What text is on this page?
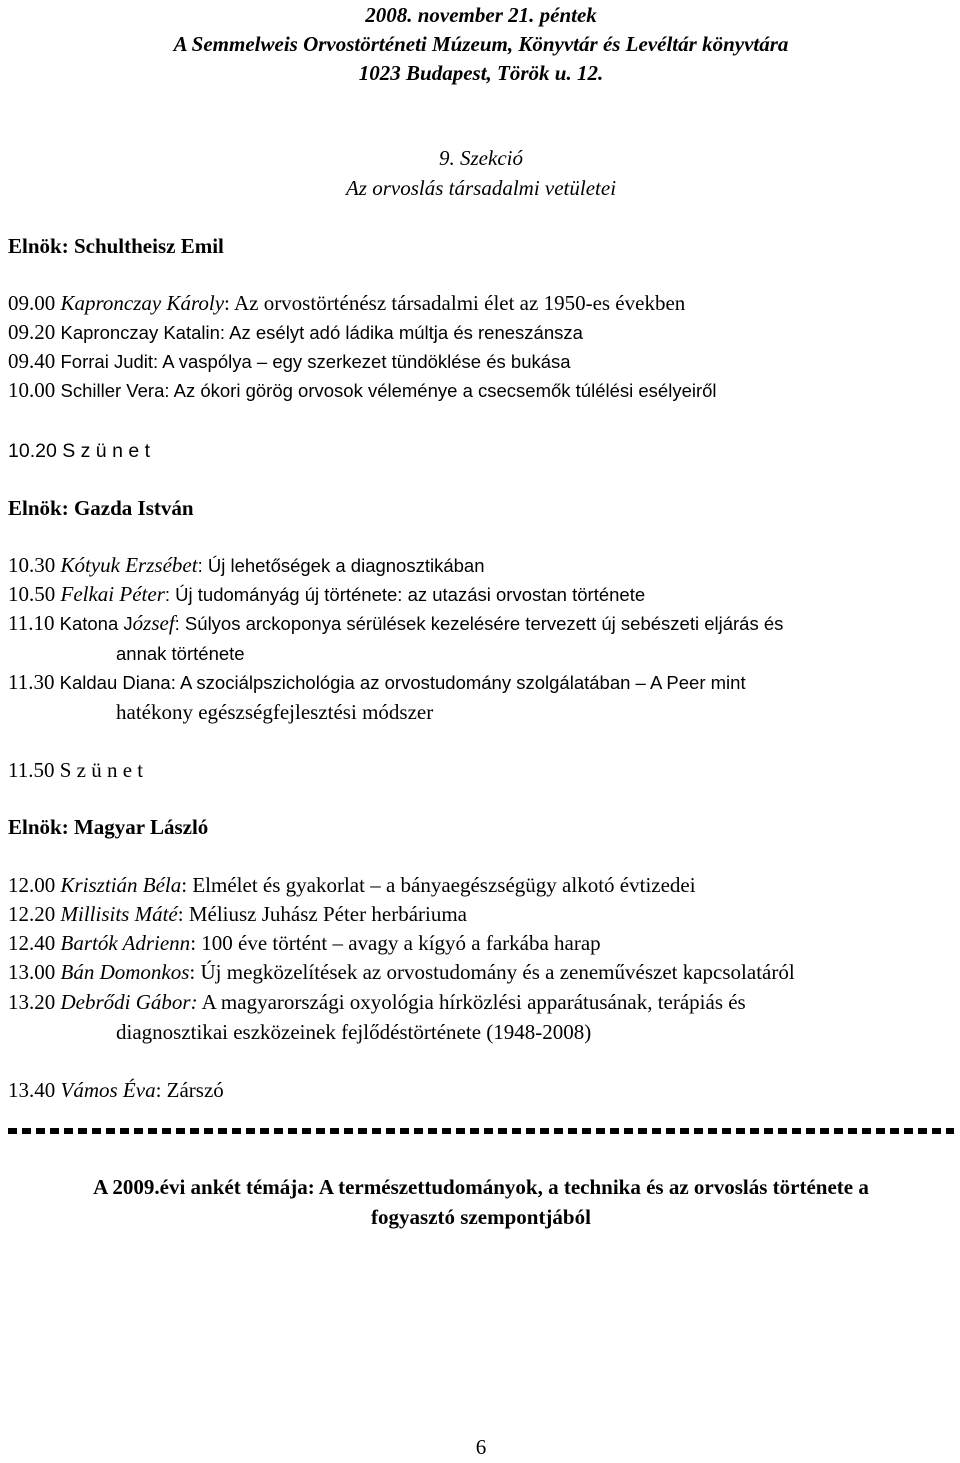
2008. november 21. péntek
A Semmelweis Orvostörténeti Múzeum, Könyvtár és Levéltár könyvtára
1023 Budapest, Török u. 12.
9. Szekció
Az orvoslás társadalmi vetületei
Elnök: Schultheisz Emil
09.00 Kapronczay Károly: Az orvostörténész társadalmi élet az 1950-es években
09.20 Kapronczay Katalin: Az esélyt adó ládika múltja és reneszánsza
09.40 Forrai Judit: A vaspólya – egy szerkezet tündöklése és bukása
10.00 Schiller Vera: Az ókori görög orvosok véleménye a csecsemők túlélési esélyeiről
10.20 S z ü n e t
Elnök: Gazda István
10.30 Kótyuk Erzsébet: Új lehetőségek a diagnosztikában
10.50 Felkai Péter: Új tudományág új története: az utazási orvostan története
11.10 Katona József: Súlyos arckoponya sérülések kezelésére tervezett új sebészeti eljárás és
annak története
11.30 Kaldau Diana: A szociálpszichológia az orvostudomány szolgálatában – A Peer mint
hatékony egészségfejlesztési módszer
11.50 S z ü n e t
Elnök: Magyar László
12.00 Krisztián Béla: Elmélet és gyakorlat – a bányaegészségügy alkotó évtizedei
12.20 Millisits Máté: Méliusz Juhász Péter herbáriuma
12.40 Bartók Adrienn: 100 éve történt – avagy a kígyó a farkába harap
13.00 Bán Domonkos: Új megközelítések az orvostudomány és a zeneművészet kapcsolatáról
13.20 Debrődi Gábor: A magyarországi oxyológia hírközlési apparátusának, terápiás és
diagnosztikai eszközeinek fejlődéstörténete (1948-2008)
13.40 Vámos Éva: Zárszó
A 2009.évi ankét témája: A természettudományok, a technika és az orvoslás története a
fogyasztó szempontjából
6
